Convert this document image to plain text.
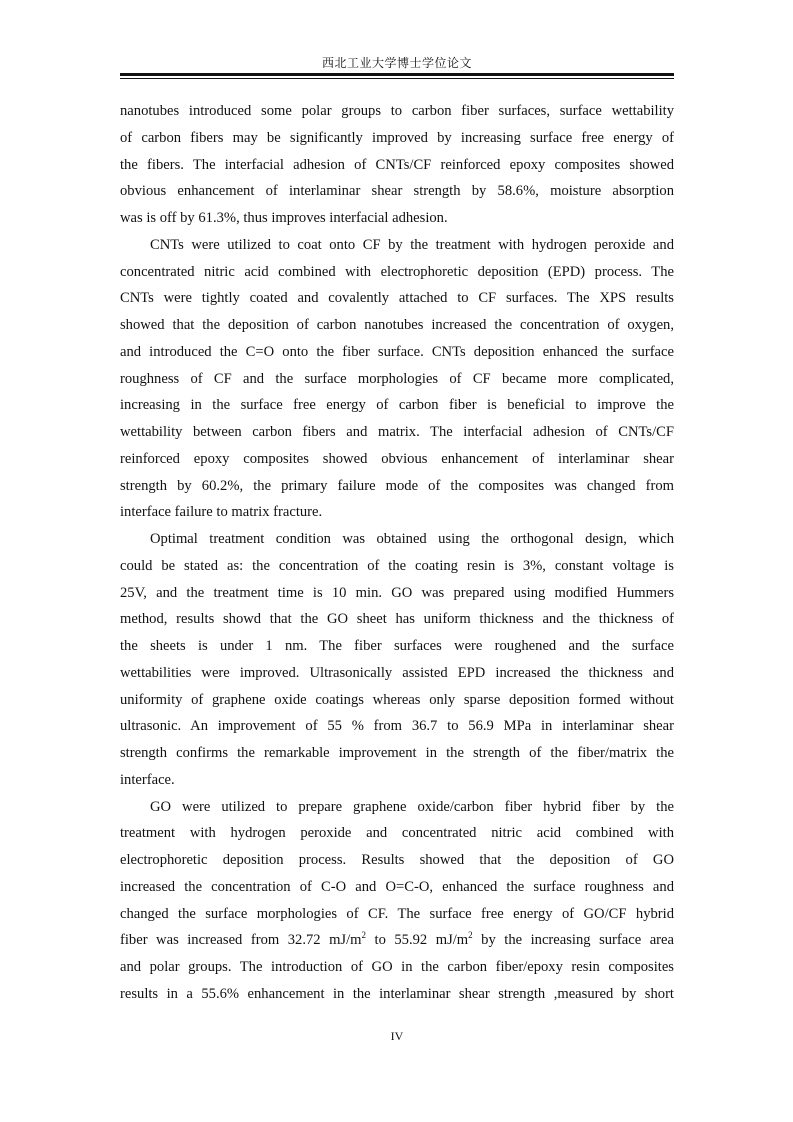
西北工业大学博士学位论文

nanotubes introduced some polar groups to carbon fiber surfaces, surface wettability
of carbon fibers may be significantly improved by increasing surface free energy of
the fibers. The interfacial adhesion of CNTs/CF reinforced epoxy composites showed
obvious enhancement of interlaminar shear strength by 58.6%, moisture absorption
was is off by 61.3%, thus improves interfacial adhesion.

CNTs were utilized to coat onto CF by the treatment with hydrogen peroxide and
concentrated nitric acid combined with electrophoretic deposition (EPD) process. The
CNTs were tightly coated and covalently attached to CF surfaces. The XPS results
showed that the deposition of carbon nanotubes increased the concentration of oxygen,
and introduced the C=O onto the fiber surface. CNTs deposition enhanced the surface
roughness of CF and the surface morphologies of CF became more complicated,
increasing in the surface free energy of carbon fiber is beneficial to improve the
wettability between carbon fibers and matrix. The interfacial adhesion of CNTs/CF
reinforced epoxy composites showed obvious enhancement of interlaminar shear
strength by 60.2%, the primary failure mode of the composites was changed from
interface failure to matrix fracture.

Optimal treatment condition was obtained using the orthogonal design, which
could be stated as: the concentration of the coating resin is 3%, constant voltage is
25V, and the treatment time is 10 min. GO was prepared using modified Hummers
method, results showd that the GO sheet has uniform thickness and the thickness of
the sheets is under 1 nm. The fiber surfaces were roughened and the surface
wettabilities were improved. Ultrasonically assisted EPD increased the thickness and
uniformity of graphene oxide coatings whereas only sparse deposition formed without
ultrasonic. An improvement of 55 % from 36.7 to 56.9 MPa in interlaminar shear
strength confirms the remarkable improvement in the strength of the fiber/matrix the
interface.

GO were utilized to prepare graphene oxide/carbon fiber hybrid fiber by the
treatment with hydrogen peroxide and concentrated nitric acid combined with
electrophoretic deposition process. Results showed that the deposition of GO
increased the concentration of C-O and O=C-O, enhanced the surface roughness and
changed the surface morphologies of CF. The surface free energy of GO/CF hybrid
fiber was increased from 32.72 $mJ/m^2$ to 55.92 $mJ/m^2$ by the increasing surface area
and polar groups. The introduction of GO in the carbon fiber/epoxy resin composites
results in a 55.6% enhancement in the interlaminar shear strength ,measured by short

IV
